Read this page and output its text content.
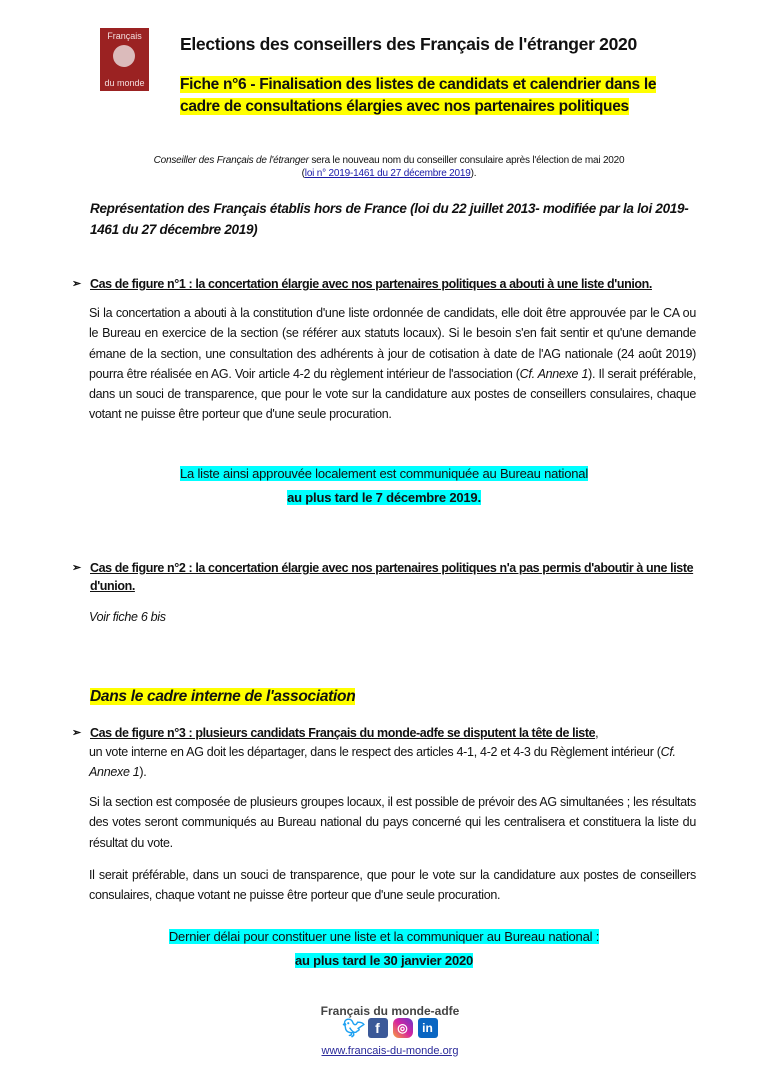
Français
du monde
Elections des conseillers des Français de l'étranger 2020
Fiche n°6 - Finalisation des listes de candidats et calendrier dans le
cadre de consultations élargies avec nos partenaires politiques
Conseiller des Français de l'étranger sera le nouveau nom du conseiller consulaire après l'élection de mai 2020
(loi n° 2019-1461 du 27 décembre 2019).
Représentation des Français établis hors de France (loi du 22 juillet 2013- modifiée par la loi 2019-1461 du 27 décembre 2019)
➢ Cas de figure n°1 : la concertation élargie avec nos partenaires politiques a abouti à une liste d'union.
Si la concertation a abouti à la constitution d'une liste ordonnée de candidats, elle doit être approuvée par le CA ou le Bureau en exercice de la section (se référer aux statuts locaux). Si le besoin s'en fait sentir et qu'une demande émane de la section, une consultation des adhérents à jour de cotisation à date de l'AG nationale (24 août 2019) pourra être réalisée en AG. Voir article 4-2 du règlement intérieur de l'association (Cf. Annexe 1). Il serait préférable, dans un souci de transparence, que pour le vote sur la candidature aux postes de conseillers consulaires, chaque votant ne puisse être porteur que d'une seule procuration.
La liste ainsi approuvée localement est communiquée au Bureau national
au plus tard le 7 décembre 2019.
➢ Cas de figure n°2 : la concertation élargie avec nos partenaires politiques n'a pas permis d'aboutir à une liste d'union.
Voir fiche 6 bis
Dans le cadre interne de l'association
➢ Cas de figure n°3 : plusieurs candidats Français du monde-adfe se disputent la tête de liste,
un vote interne en AG doit les départager, dans le respect des articles 4-1, 4-2 et 4-3 du Règlement intérieur (Cf. Annexe 1).
Si la section est composée de plusieurs groupes locaux, il est possible de prévoir des AG simultanées ; les résultats des votes seront communiqués au Bureau national du pays concerné qui les centralisera et constituera la liste du résultat du vote.
Il serait préférable, dans un souci de transparence, que pour le vote sur la candidature aux postes de conseillers consulaires, chaque votant ne puisse être porteur que d'une seule procuration.
Dernier délai pour constituer une liste et la communiquer au Bureau national :
au plus tard le 30 janvier 2020
Français du monde-adfe
🐦︎ f	◎	in
www.francais-du-monde.org
